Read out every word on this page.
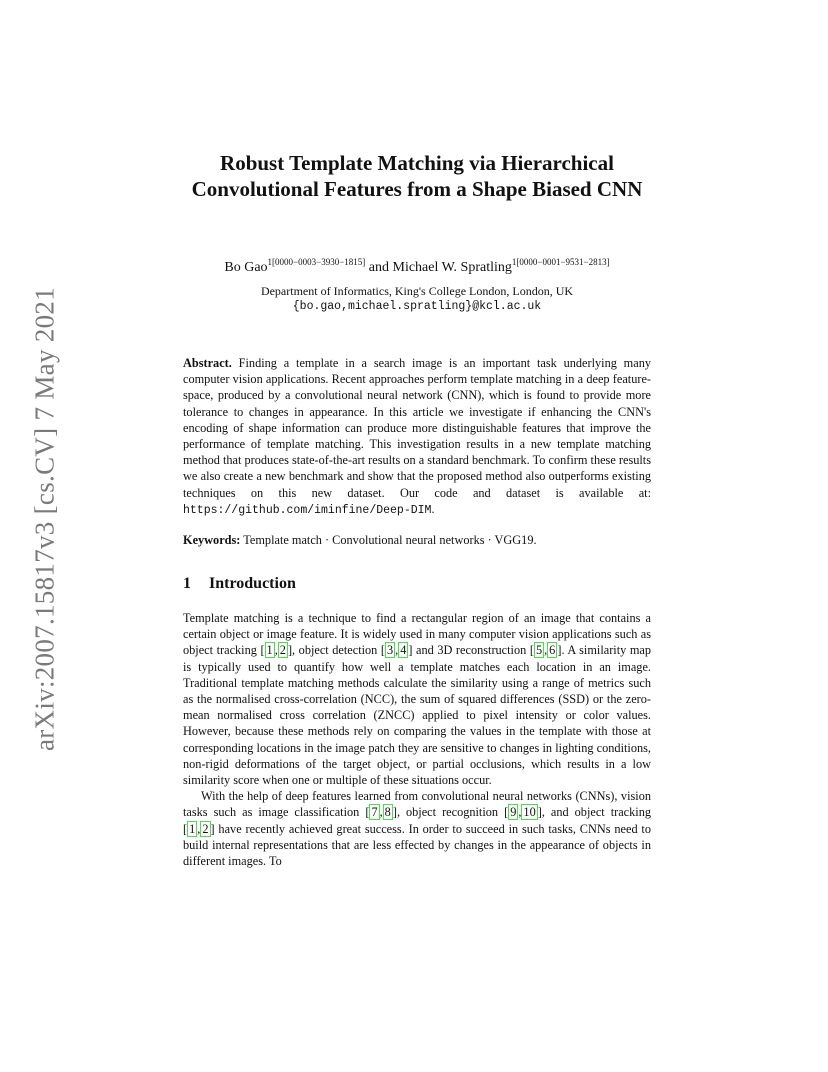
arXiv:2007.15817v3 [cs.CV] 7 May 2021
Robust Template Matching via Hierarchical Convolutional Features from a Shape Biased CNN
Bo Gao$^{1[0000-0003-3930-1815]}$ and Michael W. Spratling$^{1[0000-0001-9531-2813]}$
Department of Informatics, King's College London, London, UK
{bo.gao,michael.spratling}@kcl.ac.uk
Abstract. Finding a template in a search image is an important task underlying many computer vision applications. Recent approaches perform template matching in a deep feature-space, produced by a convolutional neural network (CNN), which is found to provide more tolerance to changes in appearance. In this article we investigate if enhancing the CNN's encoding of shape information can produce more distinguishable features that improve the performance of template matching. This investigation results in a new template matching method that produces state-of-the-art results on a standard benchmark. To confirm these results we also create a new benchmark and show that the proposed method also outperforms existing techniques on this new dataset. Our code and dataset is available at: https://github.com/iminfine/Deep-DIM.
Keywords: Template match · Convolutional neural networks · VGG19.
1 Introduction

Template matching is a technique to find a rectangular region of an image that contains a certain object or image feature. It is widely used in many computer vision applications such as object tracking [ 1 , 2 ], object detection [ 3 , 4 ] and 3D reconstruction [ 5 , 6 ]. A similarity map is typically used to quantify how well a template matches each location in an image. Traditional template matching methods calculate the similarity using a range of metrics such as the normalised cross-correlation (NCC), the sum of squared differences (SSD) or the zero-mean normalised cross correlation (ZNCC) applied to pixel intensity or color values. However, because these methods rely on comparing the values in the template with those at corresponding locations in the image patch they are sensitive to changes in lighting conditions, non-rigid deformations of the target object, or partial occlusions, which results in a low similarity score when one or multiple of these situations occur.

With the help of deep features learned from convolutional neural networks (CNNs), vision tasks such as image classification [ 7 , 8 ], object recognition [ 9 , 10 ], and object tracking [ 1 , 2 ] have recently achieved great success. In order to succeed in such tasks, CNNs need to build internal representations that are less effected by changes in the appearance of objects in different images. To
